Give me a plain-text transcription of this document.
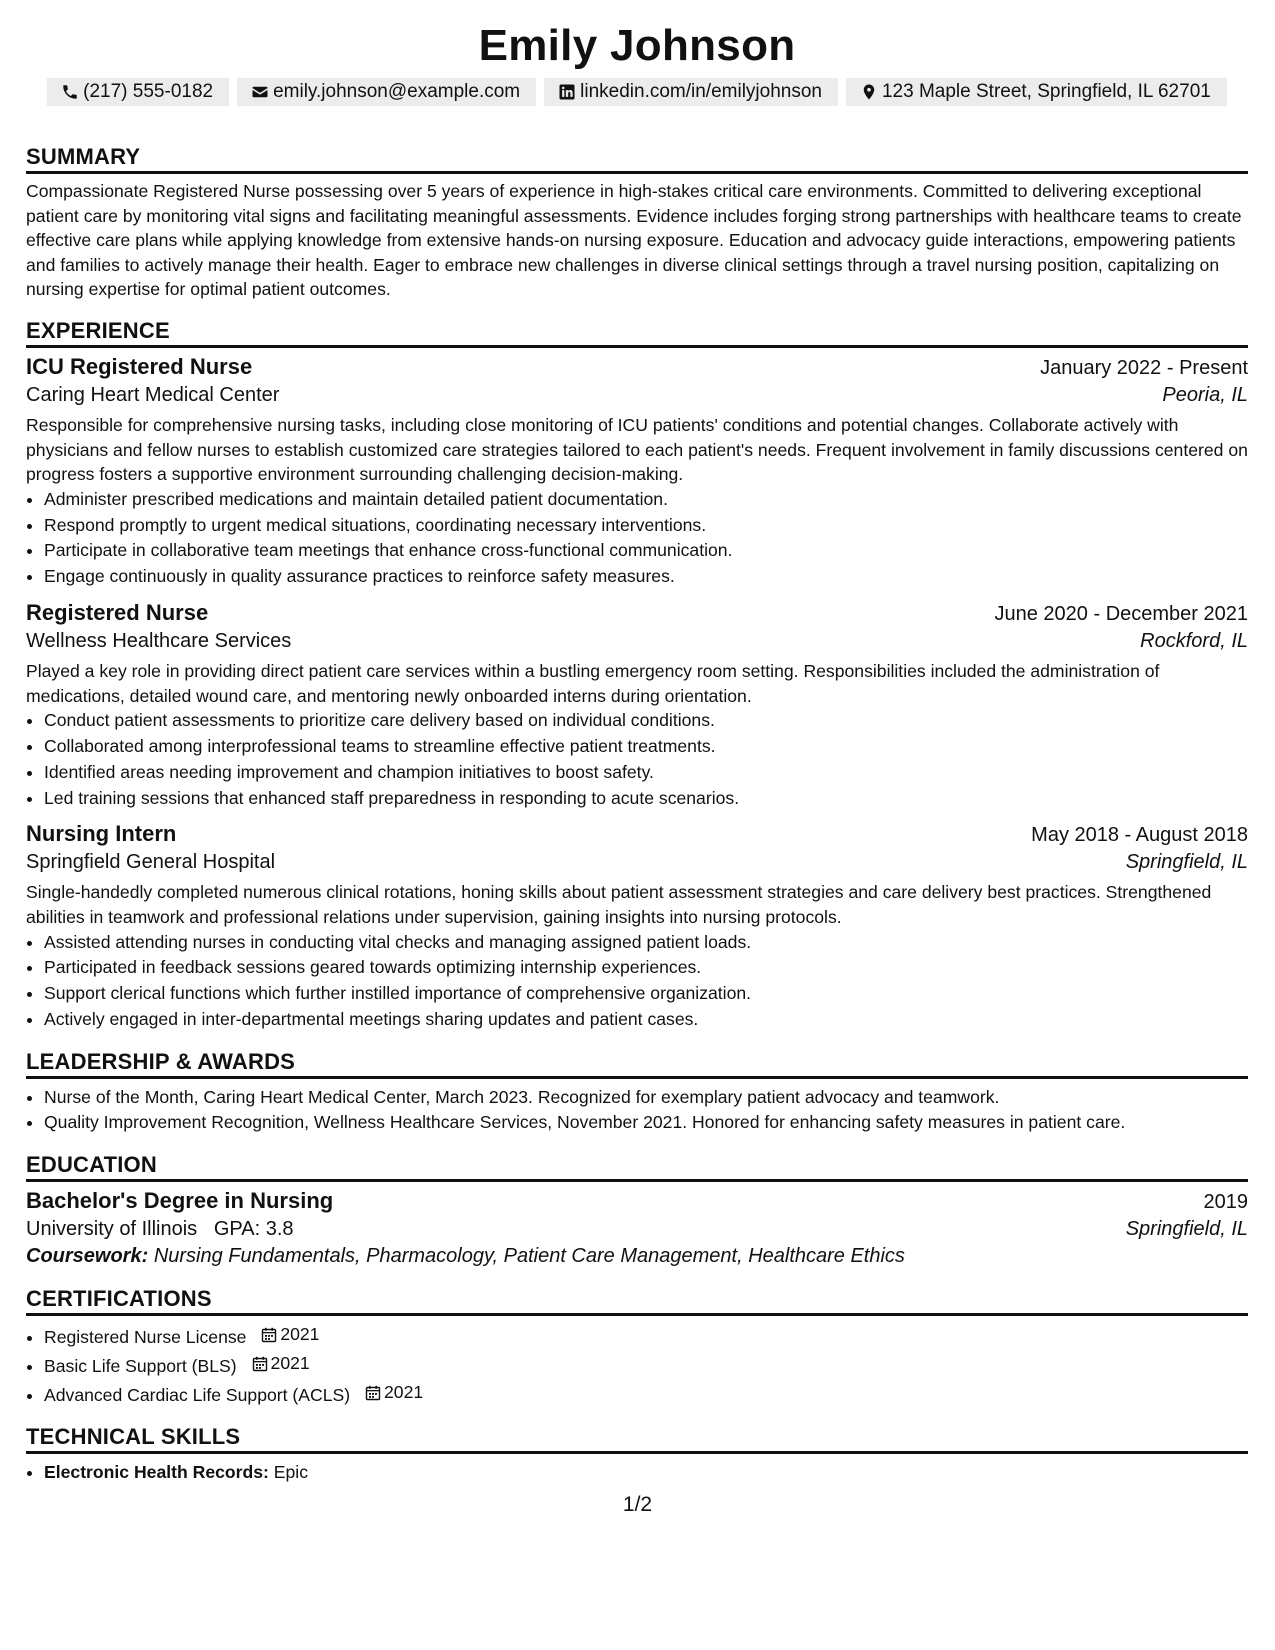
Emily Johnson
(217) 555-0182	emily.johnson@example.com	linkedin.com/in/emilyjohnson	123 Maple Street, Springfield, IL 62701
SUMMARY

Compassionate Registered Nurse possessing over 5 years of experience in high-stakes critical care environments. Committed to delivering exceptional patient care by monitoring vital signs and facilitating meaningful assessments. Evidence includes forging strong partnerships with healthcare teams to create effective care plans while applying knowledge from extensive hands-on nursing exposure. Education and advocacy guide interactions, empowering patients and families to actively manage their health. Eager to embrace new challenges in diverse clinical settings through a travel nursing position, capitalizing on nursing expertise for optimal patient outcomes.

EXPERIENCE
ICU Registered Nurse	January 2022 - Present
Caring Heart Medical Center	Peoria, IL

Responsible for comprehensive nursing tasks, including close monitoring of ICU patients' conditions and potential changes. Collaborate actively with physicians and fellow nurses to establish customized care strategies tailored to each patient's needs. Frequent involvement in family discussions centered on progress fosters a supportive environment surrounding challenging decision-making.

• Administer prescribed medications and maintain detailed patient documentation.
• Respond promptly to urgent medical situations, coordinating necessary interventions.
• Participate in collaborative team meetings that enhance cross-functional communication.
• Engage continuously in quality assurance practices to reinforce safety measures.
Registered Nurse	June 2020 - December 2021
Wellness Healthcare Services	Rockford, IL

Played a key role in providing direct patient care services within a bustling emergency room setting. Responsibilities included the administration of medications, detailed wound care, and mentoring newly onboarded interns during orientation.

• Conduct patient assessments to prioritize care delivery based on individual conditions.
• Collaborated among interprofessional teams to streamline effective patient treatments.
• Identified areas needing improvement and champion initiatives to boost safety.
• Led training sessions that enhanced staff preparedness in responding to acute scenarios.
Nursing Intern	May 2018 - August 2018
Springfield General Hospital	Springfield, IL

Single-handedly completed numerous clinical rotations, honing skills about patient assessment strategies and care delivery best practices. Strengthened abilities in teamwork and professional relations under supervision, gaining insights into nursing protocols.

• Assisted attending nurses in conducting vital checks and managing assigned patient loads.
• Participated in feedback sessions geared towards optimizing internship experiences.
• Support clerical functions which further instilled importance of comprehensive organization.
• Actively engaged in inter-departmental meetings sharing updates and patient cases.
LEADERSHIP & AWARDS
• Nurse of the Month, Caring Heart Medical Center, March 2023. Recognized for exemplary patient advocacy and teamwork.
• Quality Improvement Recognition, Wellness Healthcare Services, November 2021. Honored for enhancing safety measures in patient care.
EDUCATION
Bachelor's Degree in Nursing	2019
University of Illinois GPA: 3.8	Springfield, IL
Coursework: Nursing Fundamentals, Pharmacology, Patient Care Management, Healthcare Ethics
CERTIFICATIONS
• Registered Nurse License 2021
• Basic Life Support (BLS) 2021
• Advanced Cardiac Life Support (ACLS) 2021
TECHNICAL SKILLS
• Electronic Health Records: Epic
1/2
